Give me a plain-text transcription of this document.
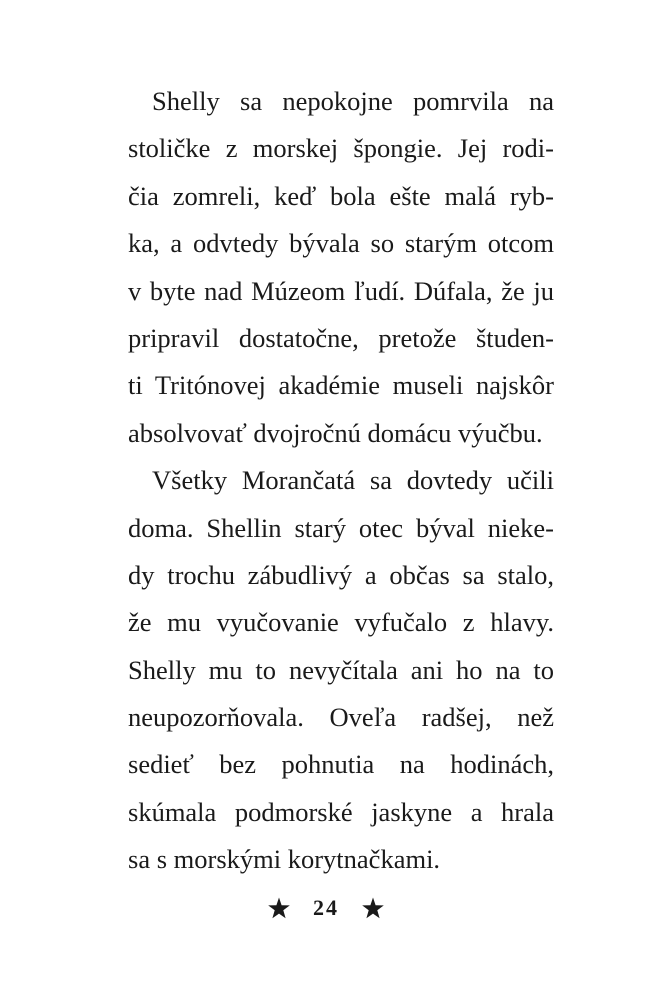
Shelly sa nepokojne pomrvila na
stoličke z morskej špongie. Jej rodi-
čia zomreli, keď bola ešte malá ryb-
ka, a odvtedy bývala so starým otcom
v byte nad Múzeom ľudí. Dúfala, že ju
pripravil dostatočne, pretože študen-
ti Tritónovej akadémie museli najskôr
absolvovať dvojročnú domácu výučbu.
Všetky Morančatá sa dovtedy učili
doma. Shellin starý otec býval nieke-
dy trochu zábudlivý a občas sa stalo,
že mu vyučovanie vyfučalo z hlavy.
Shelly mu to nevyčítala ani ho na to
neupozorňovala. Oveľa radšej, než
sedieť bez pohnutia na hodinách,
skúmala podmorské jaskyne a hrala
sa s morskými korytnačkami.
24
